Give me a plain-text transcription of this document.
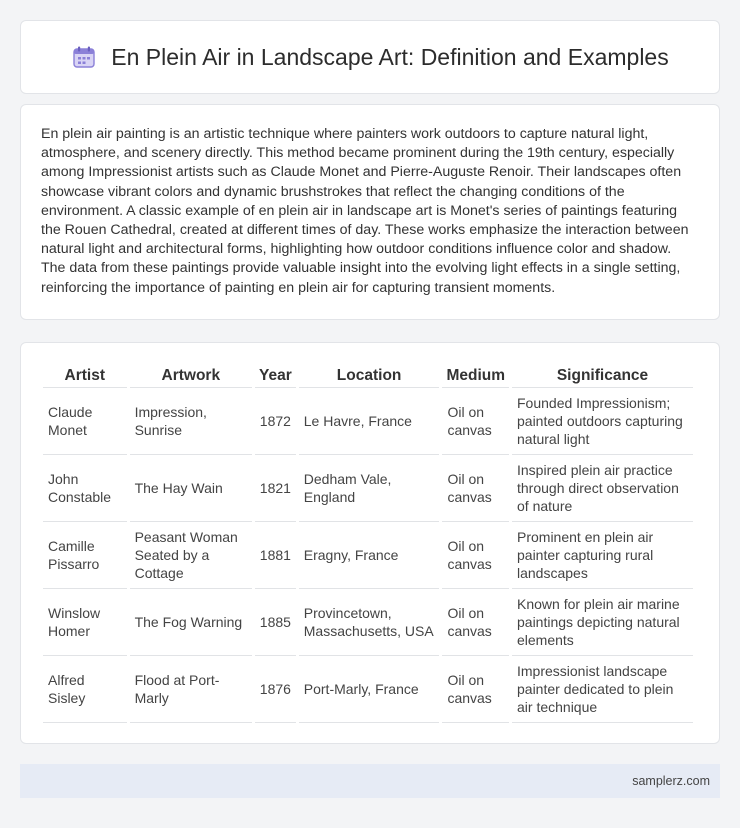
En Plein Air in Landscape Art: Definition and Examples

En plein air painting is an artistic technique where painters work outdoors to capture natural light, atmosphere, and scenery directly. This method became prominent during the 19th century, especially among Impressionist artists such as Claude Monet and Pierre-Auguste Renoir. Their landscapes often showcase vibrant colors and dynamic brushstrokes that reflect the changing conditions of the environment. A classic example of en plein air in landscape art is Monet's series of paintings featuring the Rouen Cathedral, created at different times of day. These works emphasize the interaction between natural light and architectural forms, highlighting how outdoor conditions influence color and shadow. The data from these paintings provide valuable insight into the evolving light effects in a single setting, reinforcing the importance of painting en plein air for capturing transient moments.

Artist	Artwork	Year	Location	Medium	Significance
Claude Monet	Impression, Sunrise	1872	Le Havre, France	Oil on canvas	Founded Impressionism; painted outdoors capturing natural light
John Constable	The Hay Wain	1821	Dedham Vale, England	Oil on canvas	Inspired plein air practice through direct observation of nature
Camille Pissarro	Peasant Woman Seated by a Cottage	1881	Eragny, France	Oil on canvas	Prominent en plein air painter capturing rural landscapes
Winslow Homer	The Fog Warning	1885	Provincetown, Massachusetts, USA	Oil on canvas	Known for plein air marine paintings depicting natural elements
Alfred Sisley	Flood at Port-Marly	1876	Port-Marly, France	Oil on canvas	Impressionist landscape painter dedicated to plein air technique
samplerz.com
